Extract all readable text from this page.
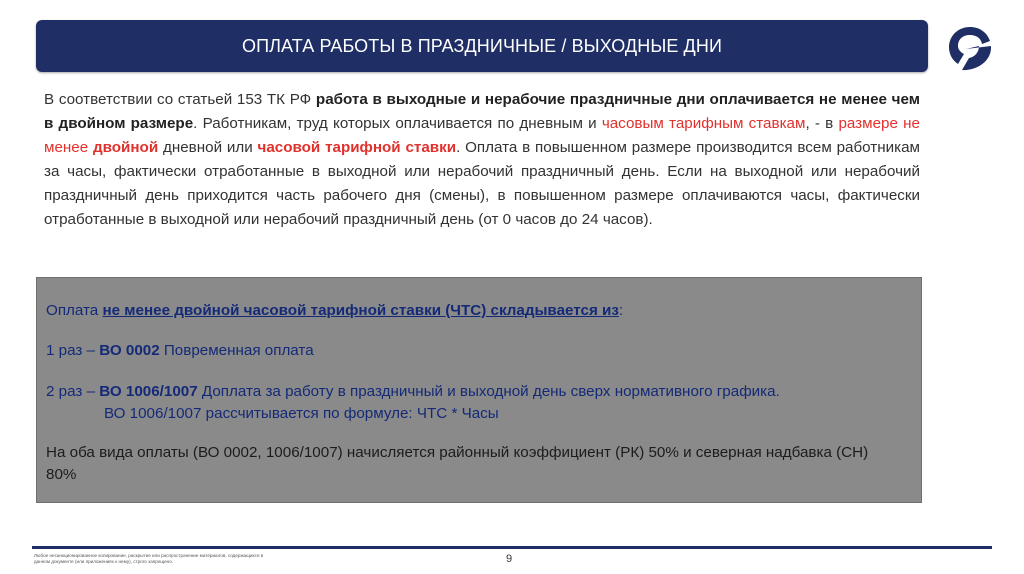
ОПЛАТА РАБОТЫ В ПРАЗДНИЧНЫЕ / ВЫХОДНЫЕ ДНИ
В соответствии со статьей 153 ТК РФ работа в выходные и нерабочие праздничные дни оплачивается не менее чем в двойном размере. Работникам, труд которых оплачивается по дневным и часовым тарифным ставкам, - в размере не менее двойной дневной или часовой тарифной ставки. Оплата в повышенном размере производится всем работникам за часы, фактически отработанные в выходной или нерабочий праздничный день. Если на выходной или нерабочий праздничный день приходится часть рабочего дня (смены), в повышенном размере оплачиваются часы, фактически отработанные в выходной или нерабочий праздничный день (от 0 часов до 24 часов).

Оплата не менее двойной часовой тарифной ставки (ЧТС) складывается из:

1 раз – ВО 0002 Повременная оплата

2 раз – ВО 1006/1007 Доплата за работу в праздничный и выходной день сверх нормативного графика.

ВО 1006/1007 рассчитывается по формуле: ЧТС * Часы

На оба вида оплаты (ВО 0002, 1006/1007) начисляется районный коэффициент (РК) 50% и северная надбавка (СН) 80%

Любое несанкционированное копирование, раскрытие или распространение материалов, содержащихся в данном документе (или приложениях к нему), строго запрещено.	9
